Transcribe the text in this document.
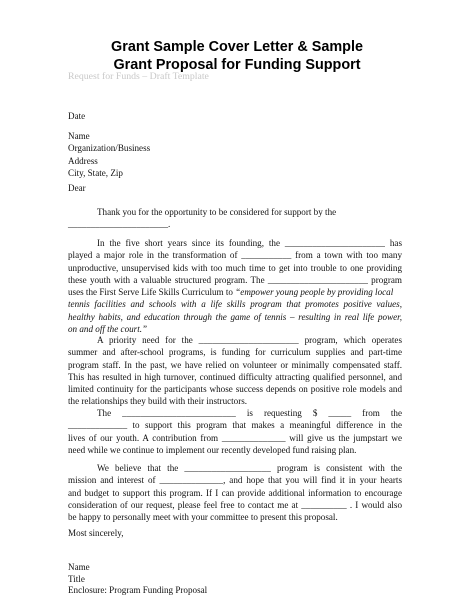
Grant Sample Cover Letter & Sample
Grant Proposal for Funding Support
Request for Funds – Draft Template
Date
Name
Organization/Business
Address
City, State, Zip
Dear
Thank you for the opportunity to be considered for support by the
______________________.
In the five short years since its founding, the ______________________ has
played a major role in the transformation of ___________ from a town with too many
unproductive, unsupervised kids with too much time to get into trouble to one providing
these youth with a valuable structured program. The ______________________ program
uses the First Serve Life Skills Curriculum to “empower young people by providing local
tennis facilities and schools with a life skills program that promotes positive values,
healthy habits, and education through the game of tennis – resulting in real life power,
on and off the court.”
A priority need for the ______________________ program, which operates
summer and after-school programs, is funding for curriculum supplies and part-time
program staff. In the past, we have relied on volunteer or minimally compensated staff.
This has resulted in high turnover, continued difficulty attracting qualified personnel, and
limited continuity for the participants whose success depends on positive role models and
the relationships they build with their instructors.
The _________________________ is requesting $ _____ from the
_____________ to support this program that makes a meaningful difference in the
lives of our youth. A contribution from ______________ will give us the jumpstart we
need while we continue to implement our recently developed fund raising plan.
We believe that the ___________________ program is consistent with the
mission and interest of ______________, and hope that you will find it in your hearts
and budget to support this program. If I can provide additional information to encourage
consideration of our request, please feel free to contact me at __________ . I would also
be happy to personally meet with your committee to present this proposal.
Most sincerely,
Name
Title
Enclosure: Program Funding Proposal
